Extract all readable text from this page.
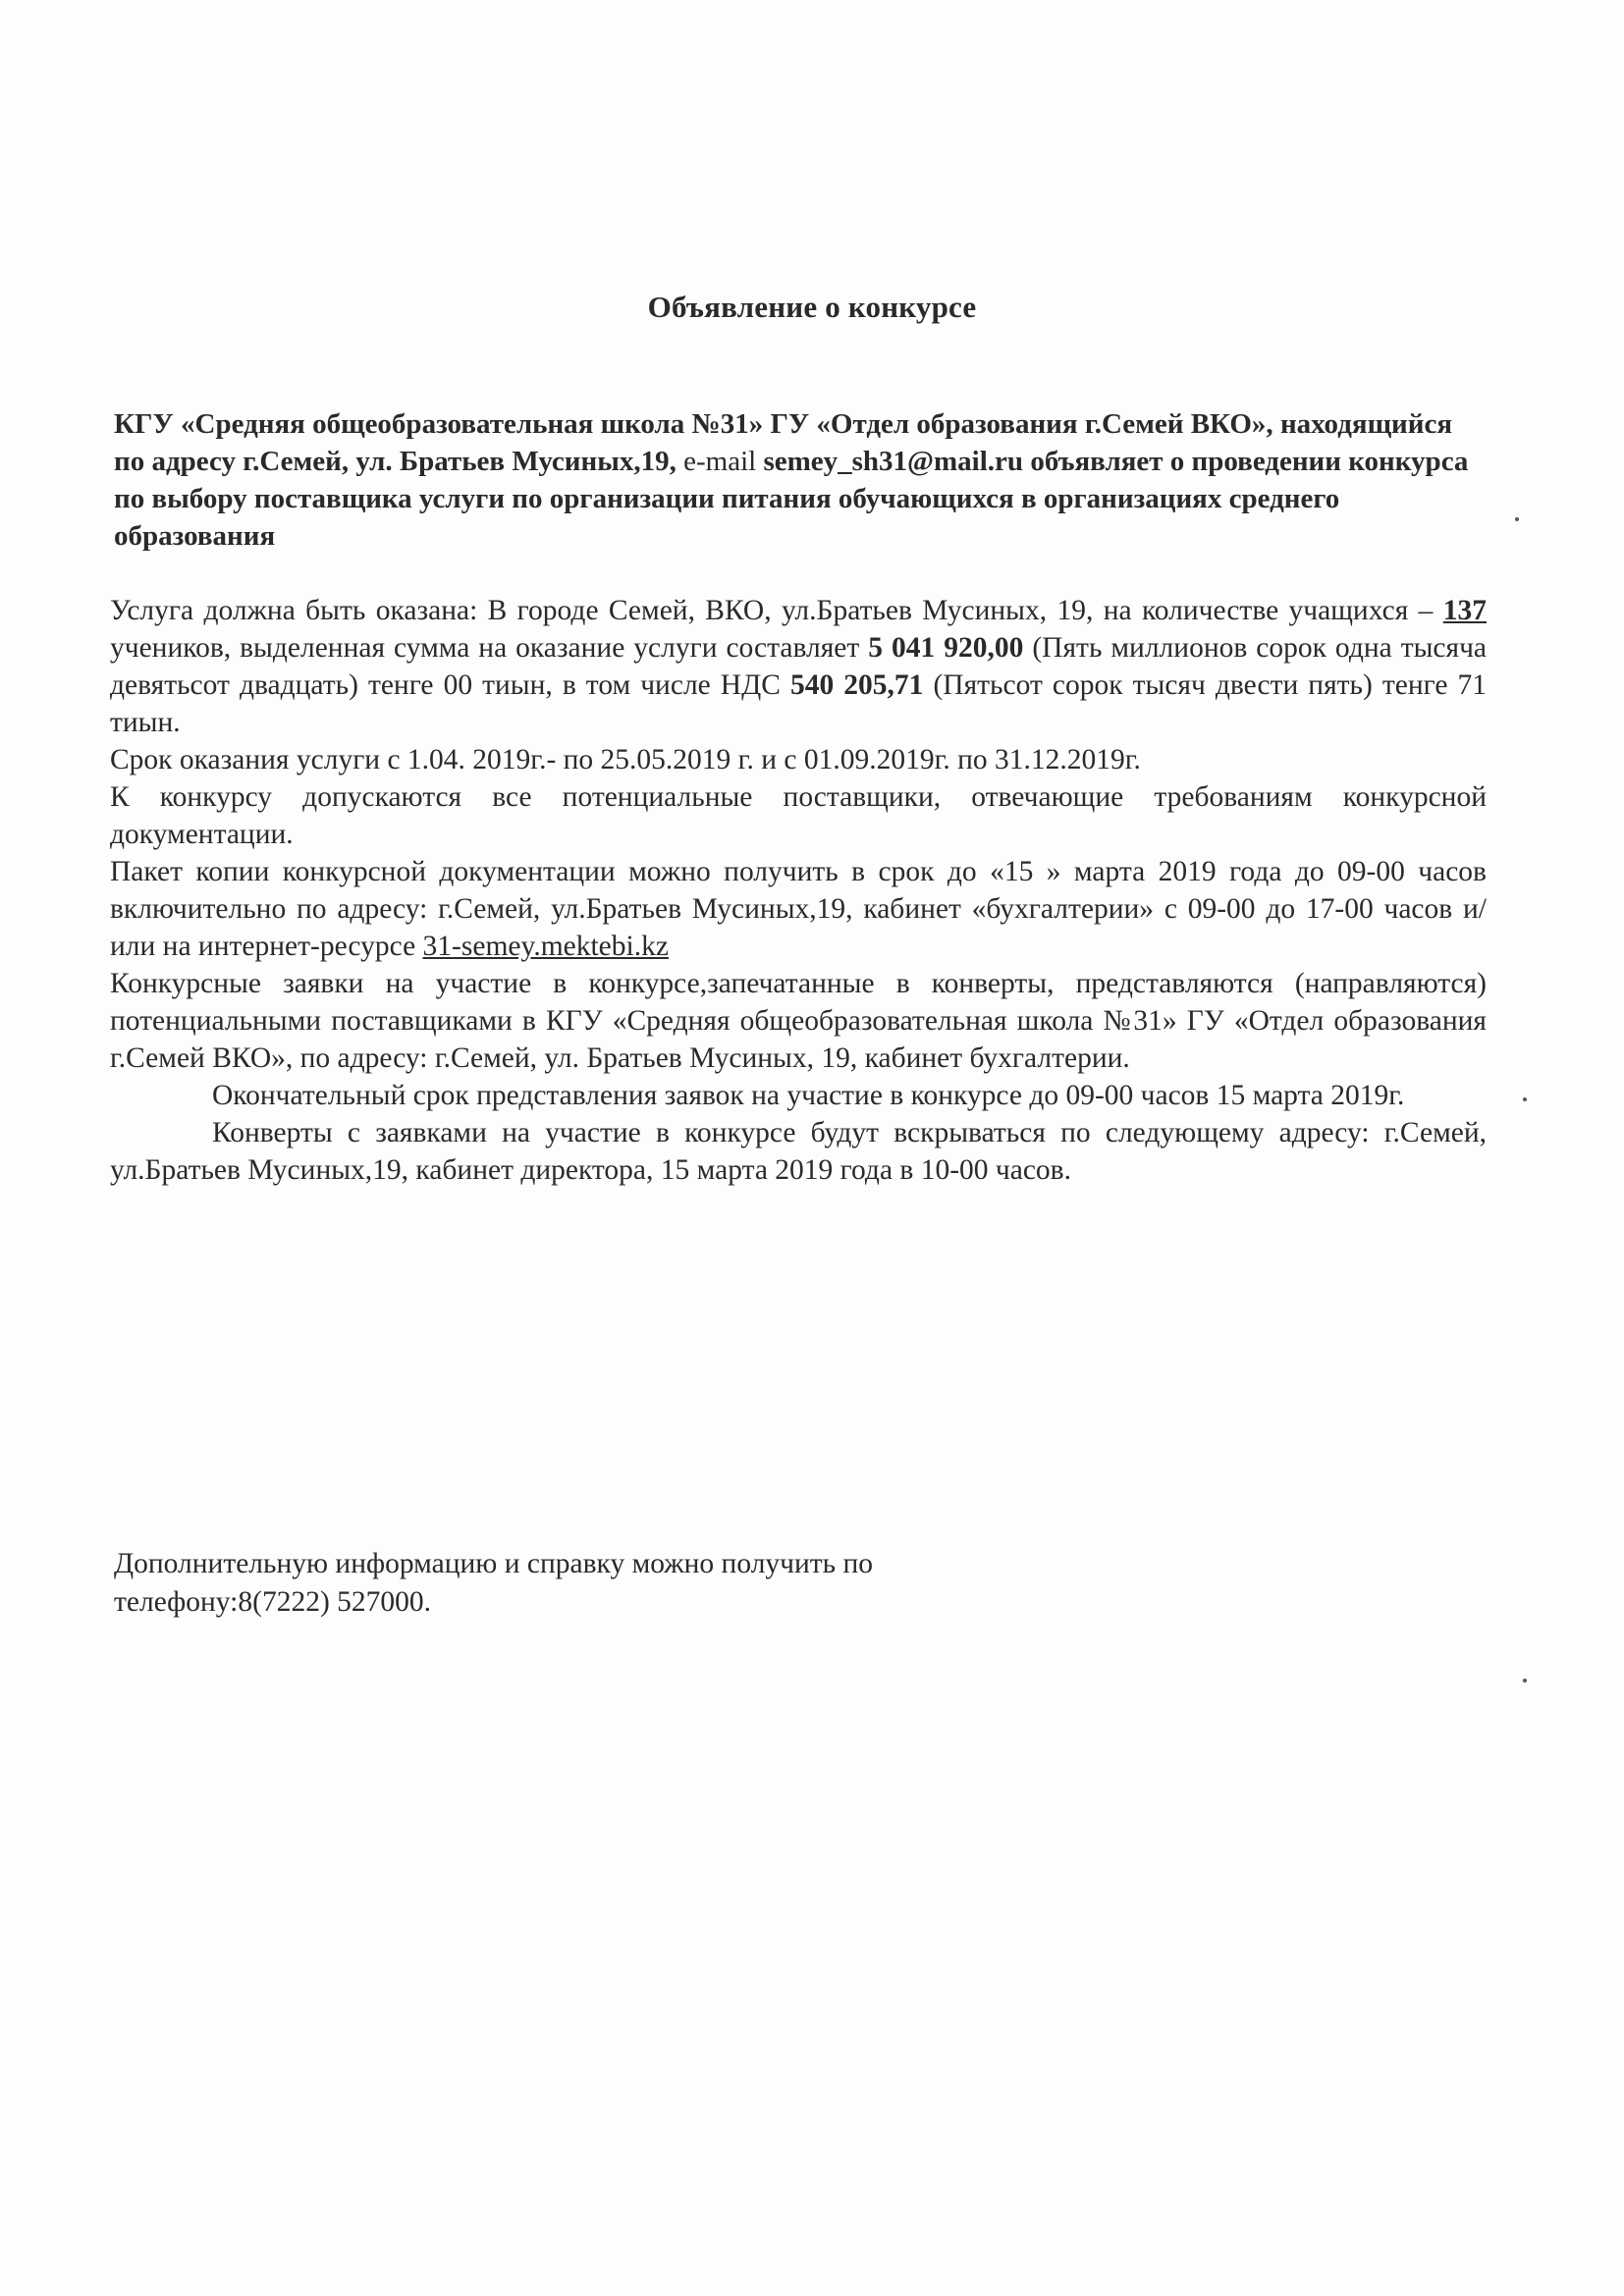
Объявление о конкурсе
КГУ «Средняя общеобразовательная школа №31» ГУ «Отдел образования г.Семей ВКО», находящийся по адресу г.Семей, ул. Братьев Мусиных,19, e-mail semey_sh31@mail.ru объявляет о проведении конкурса по выбору поставщика услуги по организации питания обучающихся в организациях среднего образования

Услуга должна быть оказана: В городе Семей, ВКО, ул.Братьев Мусиных, 19, на количестве учащихся – 137 учеников, выделенная сумма на оказание услуги составляет 5 041 920,00 (Пять миллионов сорок одна тысяча девятьсот двадцать) тенге 00 тиын, в том числе НДС 540 205,71 (Пятьсот сорок тысяч двести пять) тенге 71 тиын.

Срок оказания услуги с 1.04. 2019г.- по 25.05.2019 г. и с 01.09.2019г. по 31.12.2019г.

К конкурсу допускаются все потенциальные поставщики, отвечающие требованиям конкурсной документации.

Пакет копии конкурсной документации можно получить в срок до «15 » марта 2019 года до 09-00 часов включительно по адресу: г.Семей, ул.Братьев Мусиных,19, кабинет «бухгалтерии» с 09-00 до 17-00 часов и/или на интернет-ресурсе 31-semey.mektebi.kz

Конкурсные заявки на участие в конкурсе,запечатанные в конверты, представляются (направляются) потенциальными поставщиками в КГУ «Средняя общеобразовательная школа №31» ГУ «Отдел образования г.Семей ВКО», по адресу: г.Семей, ул. Братьев Мусиных, 19, кабинет бухгалтерии.

Окончательный срок представления заявок на участие в конкурсе до 09-00 часов 15 марта 2019г.

Конверты с заявками на участие в конкурсе будут вскрываться по следующему адресу: г.Семей, ул.Братьев Мусиных,19, кабинет директора, 15 марта 2019 года в 10-00 часов.

Дополнительную информацию и справку можно получить по
телефону:8(7222) 527000.
